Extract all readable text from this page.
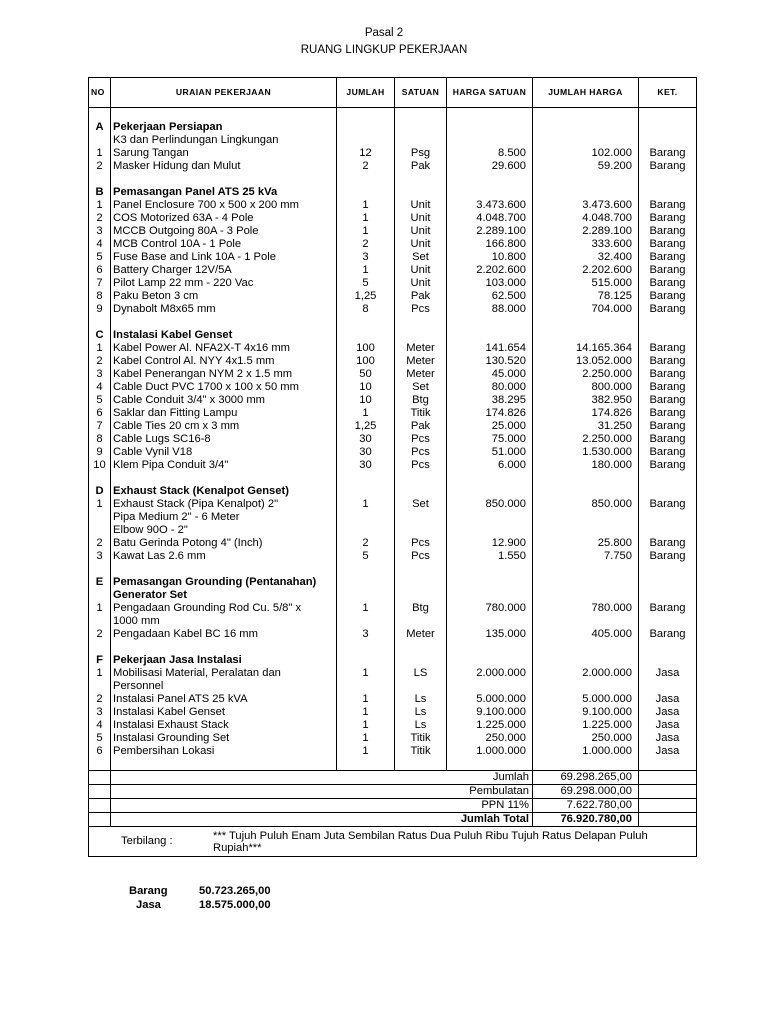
Pasal 2
RUANG LINGKUP PEKERJAAN
NO	URAIAN PEKERJAAN	JUMLAH	SATUAN	HARGA SATUAN	JUMLAH HARGA	KET.

A	Pekerjaan Persiapan					
	K3 dan Perlindungan Lingkungan					
1	Sarung Tangan	12	Psg	8.500	102.000	Barang
2	Masker Hidung dan Mulut	2	Pak	29.600	59.200	Barang

B	Pemasangan Panel ATS 25 kVa					
1	Panel Enclosure 700 x 500 x 200 mm	1	Unit	3.473.600	3.473.600	Barang
2	COS Motorized 63A - 4 Pole	1	Unit	4.048.700	4.048.700	Barang
3	MCCB Outgoing 80A - 3 Pole	1	Unit	2.289.100	2.289.100	Barang
4	MCB Control 10A - 1 Pole	2	Unit	166.800	333.600	Barang
5	Fuse Base and Link 10A - 1 Pole	3	Set	10.800	32.400	Barang
6	Battery Charger 12V/5A	1	Unit	2.202.600	2.202.600	Barang
7	Pilot Lamp 22 mm - 220 Vac	5	Unit	103.000	515.000	Barang
8	Paku Beton 3 cm	1,25	Pak	62.500	78.125	Barang
9	Dynabolt M8x65 mm	8	Pcs	88.000	704.000	Barang

C	Instalasi Kabel Genset					
1	Kabel Power Al. NFA2X-T 4x16 mm	100	Meter	141.654	14.165.364	Barang
2	Kabel Control Al. NYY 4x1.5 mm	100	Meter	130.520	13.052.000	Barang
3	Kabel Penerangan NYM 2 x 1.5 mm	50	Meter	45.000	2.250.000	Barang
4	Cable Duct PVC 1700 x 100 x 50 mm	10	Set	80.000	800.000	Barang
5	Cable Conduit 3/4" x 3000 mm	10	Btg	38.295	382.950	Barang
6	Saklar dan Fitting Lampu	1	Titik	174.826	174.826	Barang
7	Cable Ties 20 cm x 3 mm	1,25	Pak	25.000	31.250	Barang
8	Cable Lugs SC16-8	30	Pcs	75.000	2.250.000	Barang
9	Cable Vynil V18	30	Pcs	51.000	1.530.000	Barang
10	Klem Pipa Conduit 3/4"	30	Pcs	6.000	180.000	Barang

D	Exhaust Stack (Kenalpot Genset)					
1	Exhaust Stack (Pipa Kenalpot) 2"	1	Set	850.000	850.000	Barang
	Pipa Medium 2" - 6 Meter					
	Elbow 90O - 2"					
2	Batu Gerinda Potong 4" (Inch)	2	Pcs	12.900	25.800	Barang
3	Kawat Las 2.6 mm	5	Pcs	1.550	7.750	Barang

E	Pemasangan Grounding (Pentanahan) Generator Set					
1	Pengadaan Grounding Rod Cu. 5/8" x 1000 mm	1	Btg	780.000	780.000	Barang
2	Pengadaan Kabel BC 16 mm	3	Meter	135.000	405.000	Barang

F	Pekerjaan Jasa Instalasi					
1	Mobilisasi Material, Peralatan dan Personnel	1	LS	2.000.000	2.000.000	Jasa
2	Instalasi Panel ATS 25 kVA	1	Ls	5.000.000	5.000.000	Jasa
3	Instalasi Kabel Genset	1	Ls	9.100.000	9.100.000	Jasa
4	Instalasi Exhaust Stack	1	Ls	1.225.000	1.225.000	Jasa
5	Instalasi Grounding Set	1	Titik	250.000	250.000	Jasa
6	Pembersihan Lokasi	1	Titik	1.000.000	1.000.000	Jasa

	Jumlah				69.298.265,00	
	Pembulatan				69.298.000,00	
	PPN 11%				7.622.780,00	
	Jumlah Total				76.920.780,00	
Terbilang : *** Tujuh Puluh Enam Juta Sembilan Ratus Dua Puluh Ribu Tujuh Ratus Delapan Puluh Rupiah***						
Barang	50.723.265,00
Jasa	18.575.000,00
